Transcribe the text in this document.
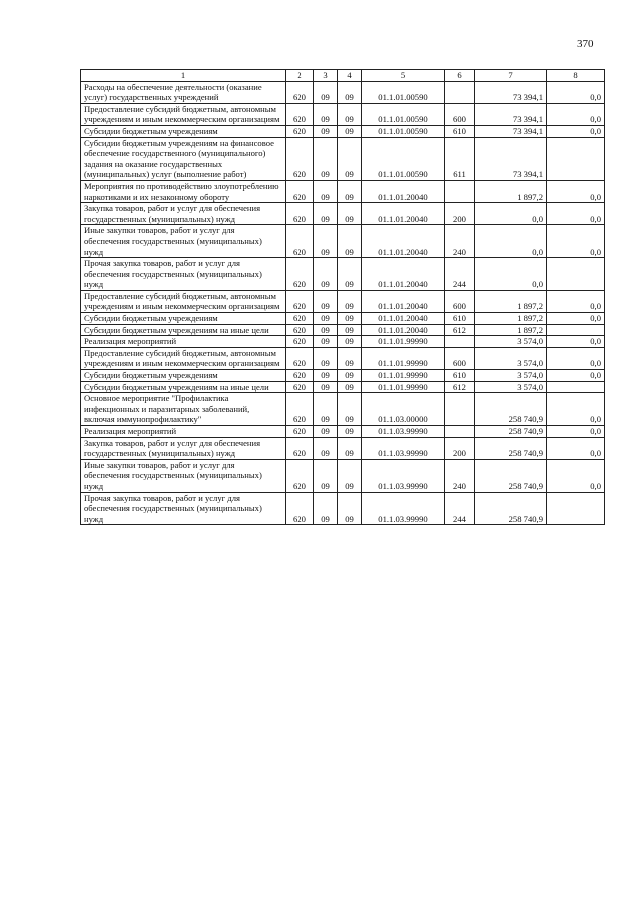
370
1	2	3	4	5	6	7	8
Расходы на обеспечение деятельности (оказание услуг) государственных учреждений	620	09	09	01.1.01.00590		73 394,1	0,0
Предоставление субсидий бюджетным, автономным учреждениям и иным некоммерческим организациям	620	09	09	01.1.01.00590	600	73 394,1	0,0
Субсидии бюджетным учреждениям	620	09	09	01.1.01.00590	610	73 394,1	0,0
Субсидии бюджетным учреждениям на финансовое обеспечение государственного (муниципального) задания на оказание государственных (муниципальных) услуг (выполнение работ)	620	09	09	01.1.01.00590	611	73 394,1	
Мероприятия по противодействию злоупотреблению наркотиками и их незаконному обороту	620	09	09	01.1.01.20040		1 897,2	0,0
Закупка товаров, работ и услуг для обеспечения государственных (муниципальных) нужд	620	09	09	01.1.01.20040	200	0,0	0,0
Иные закупки товаров, работ и услуг для обеспечения государственных (муниципальных) нужд	620	09	09	01.1.01.20040	240	0,0	0,0
Прочая закупка товаров, работ и услуг для обеспечения государственных (муниципальных) нужд	620	09	09	01.1.01.20040	244	0,0	
Предоставление субсидий бюджетным, автономным учреждениям и иным некоммерческим организациям	620	09	09	01.1.01.20040	600	1 897,2	0,0
Субсидии бюджетным учреждениям	620	09	09	01.1.01.20040	610	1 897,2	0,0
Субсидии бюджетным учреждениям на иные цели	620	09	09	01.1.01.20040	612	1 897,2	
Реализация мероприятий	620	09	09	01.1.01.99990		3 574,0	0,0
Предоставление субсидий бюджетным, автономным учреждениям и иным некоммерческим организациям	620	09	09	01.1.01.99990	600	3 574,0	0,0
Субсидии бюджетным учреждениям	620	09	09	01.1.01.99990	610	3 574,0	0,0
Субсидии бюджетным учреждениям на иные цели	620	09	09	01.1.01.99990	612	3 574,0	
Основное мероприятие "Профилактика инфекционных и паразитарных заболеваний, включая иммунопрофилактику"	620	09	09	01.1.03.00000		258 740,9	0,0
Реализация мероприятий	620	09	09	01.1.03.99990		258 740,9	0,0
Закупка товаров, работ и услуг для обеспечения государственных (муниципальных) нужд	620	09	09	01.1.03.99990	200	258 740,9	0,0
Иные закупки товаров, работ и услуг для обеспечения государственных (муниципальных) нужд	620	09	09	01.1.03.99990	240	258 740,9	0,0
Прочая закупка товаров, работ и услуг для обеспечения государственных (муниципальных) нужд	620	09	09	01.1.03.99990	244	258 740,9	
